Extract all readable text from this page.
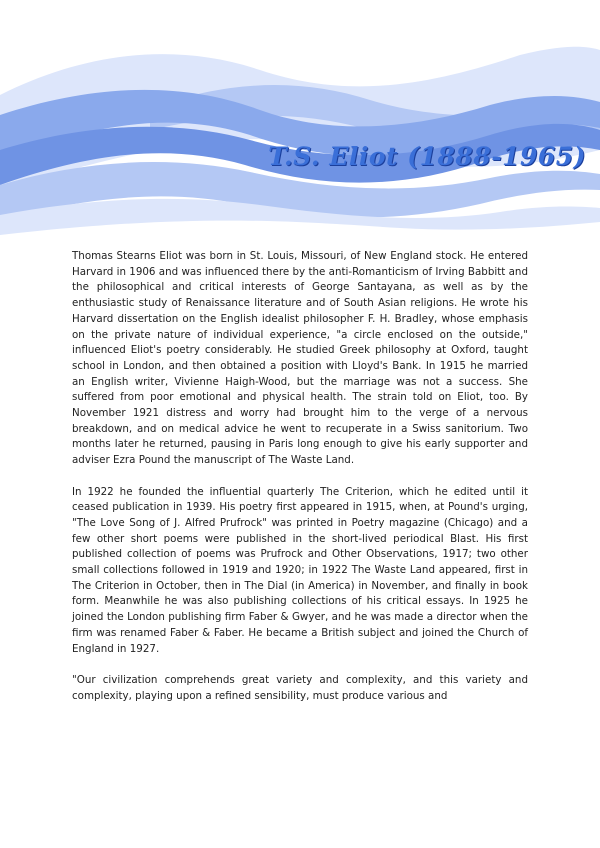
T.S. Eliot (1888-1965)

Thomas Stearns Eliot was born in St. Louis, Missouri, of New England stock. He entered Harvard in 1906 and was influenced there by the anti-Romanticism of Irving Babbitt and the philosophical and critical interests of George Santayana, as well as by the enthusiastic study of Renaissance literature and of South Asian religions. He wrote his Harvard dissertation on the English idealist philosopher F. H. Bradley, whose emphasis on the private nature of individual experience, "a circle enclosed on the outside," influenced Eliot's poetry considerably. He studied Greek philosophy at Oxford, taught school in London, and then obtained a position with Lloyd's Bank. In 1915 he married an English writer, Vivienne Haigh-Wood, but the marriage was not a success. She suffered from poor emotional and physical health. The strain told on Eliot, too. By November 1921 distress and worry had brought him to the verge of a nervous breakdown, and on medical advice he went to recuperate in a Swiss sanitorium. Two months later he returned, pausing in Paris long enough to give his early supporter and adviser Ezra Pound the manuscript of The Waste Land.

In 1922 he founded the influential quarterly The Criterion, which he edited until it ceased publication in 1939. His poetry first appeared in 1915, when, at Pound's urging, "The Love Song of J. Alfred Prufrock" was printed in Poetry magazine (Chicago) and a few other short poems were published in the short-lived periodical Blast. His first published collection of poems was Prufrock and Other Observations, 1917; two other small collections followed in 1919 and 1920; in 1922 The Waste Land appeared, first in The Criterion in October, then in The Dial (in America) in November, and finally in book form. Meanwhile he was also publishing collections of his critical essays. In 1925 he joined the London publishing firm Faber & Gwyer, and he was made a director when the firm was renamed Faber & Faber. He became a British subject and joined the Church of England in 1927.

"Our civilization comprehends great variety and complexity, and this variety and complexity, playing upon a refined sensibility, must produce various and
